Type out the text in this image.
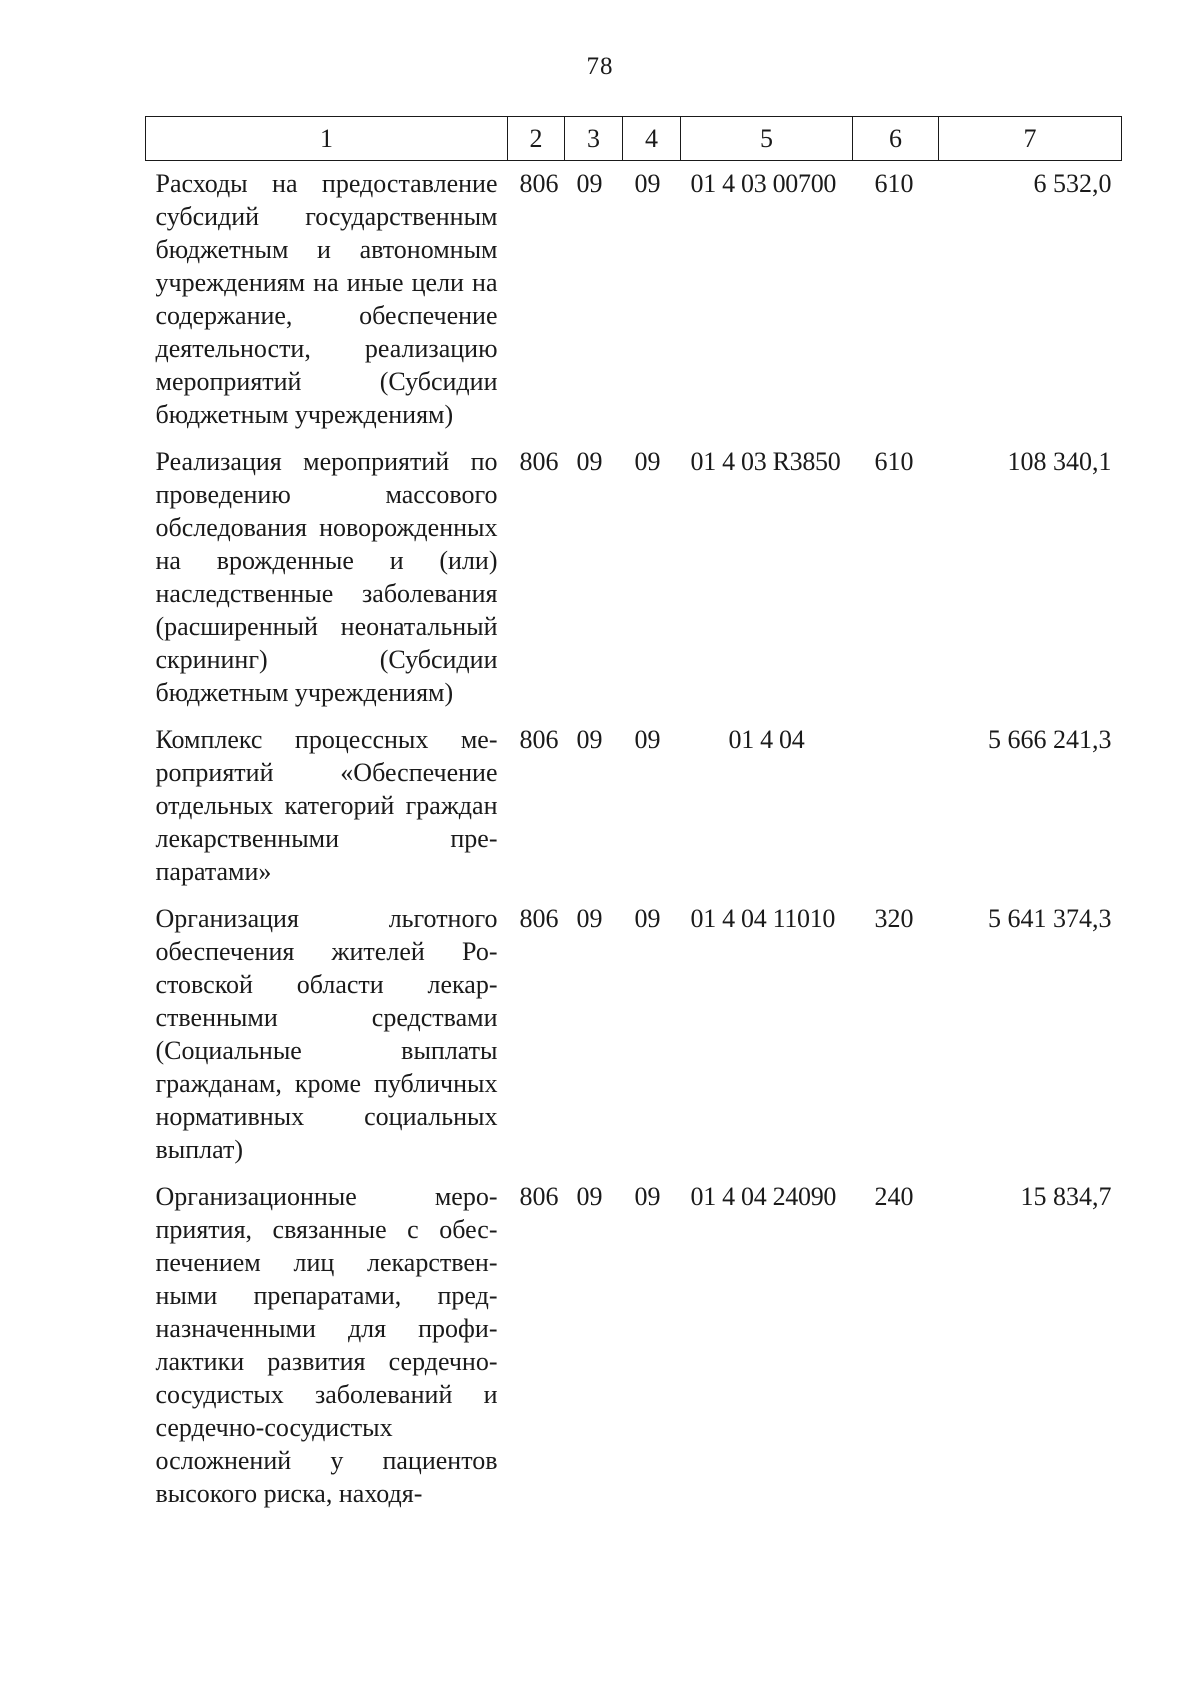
78
1	2	3	4	5	6	7
Расходы на предоставление субсидий государственным бюджетным и автономным учреждениям на иные цели на содержание, обеспечение деятельности, реализацию мероприятий (Субсидии бюджетным учреждениям)	806	09	09	01 4 03 00700	610	6 532,0
Реализация мероприятий по проведению массового обследования новорожденных на врожденные и (или) наследственные заболевания (расширенный неонатальный скрининг) (Субсидии бюджетным учреждениям)	806	09	09	01 4 03 R3850	610	108 340,1
Комплекс процессных мероприятий «Обеспечение отдельных категорий граждан лекарственными препаратами»	806	09	09	01 4 04		5 666 241,3
Организация льготного обеспечения жителей Ростовской области лекарственными средствами (Социальные выплаты гражданам, кроме публичных нормативных социальных выплат)	806	09	09	01 4 04 11010	320	5 641 374,3
Организационные мероприятия, связанные с обеспечением лиц лекарственными препаратами, предназначенными для профилактики развития сердечно-сосудистых заболеваний и сердечно-сосудистых осложнений у пациентов высокого риска, находя-	806	09	09	01 4 04 24090	240	15 834,7
